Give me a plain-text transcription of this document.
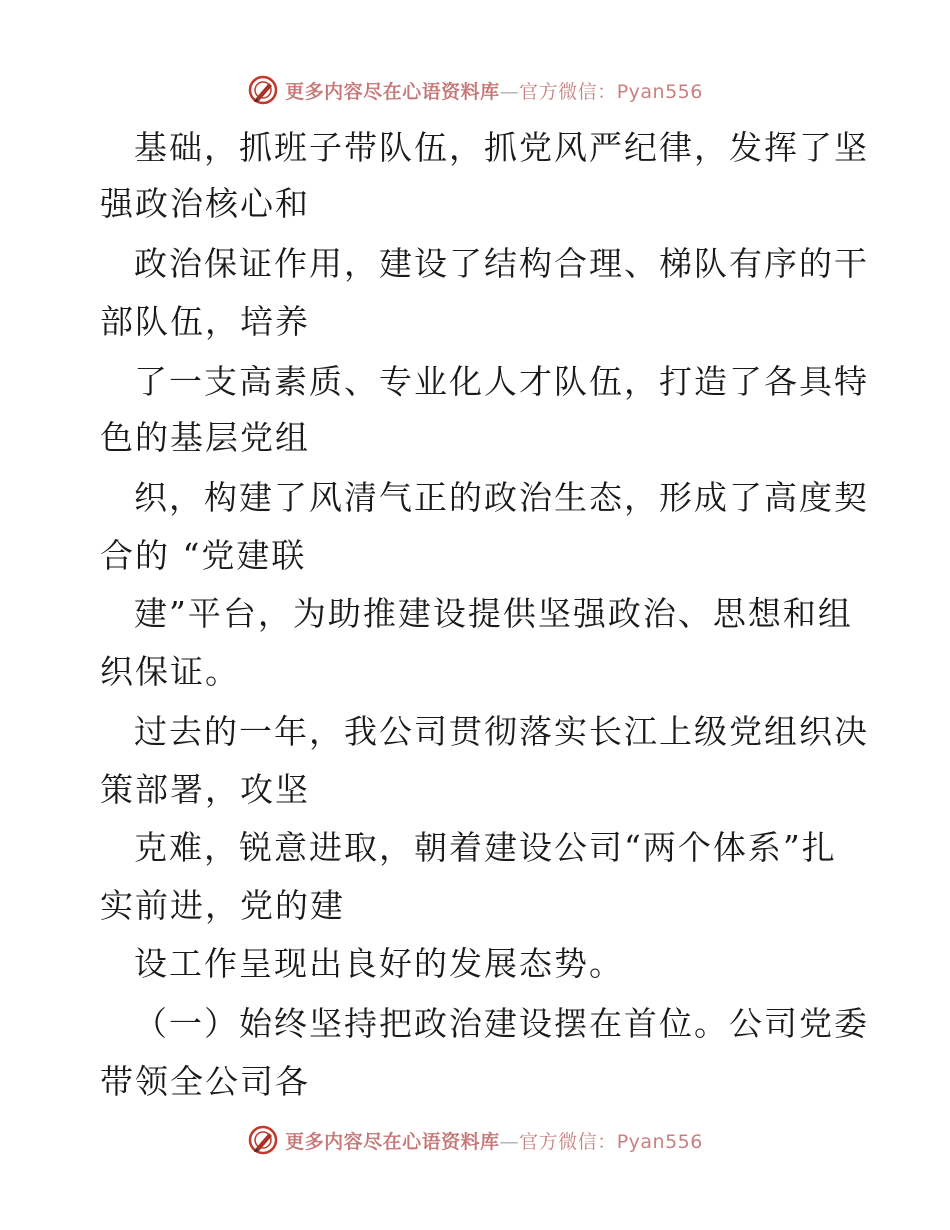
更多内容尽在心语资料库—官方微信：Pyan556
基础，抓班子带队伍，抓党风严纪律，发挥了坚
强政治核心和
政治保证作用，建设了结构合理、梯队有序的干
部队伍，培养
了一支高素质、专业化人才队伍，打造了各具特
色的基层党组
织，构建了风清气正的政治生态，形成了高度契
合的 “党建联
建”平台，为助推建设提供坚强政治、思想和组
织保证。
过去的一年，我公司贯彻落实长江上级党组织决
策部署，攻坚
克难，锐意进取，朝着建设公司“两个体系”扎
实前进，党的建
设工作呈现出良好的发展态势。
（一）始终坚持把政治建设摆在首位。公司党委
带领全公司各
更多内容尽在心语资料库—官方微信：Pyan556
